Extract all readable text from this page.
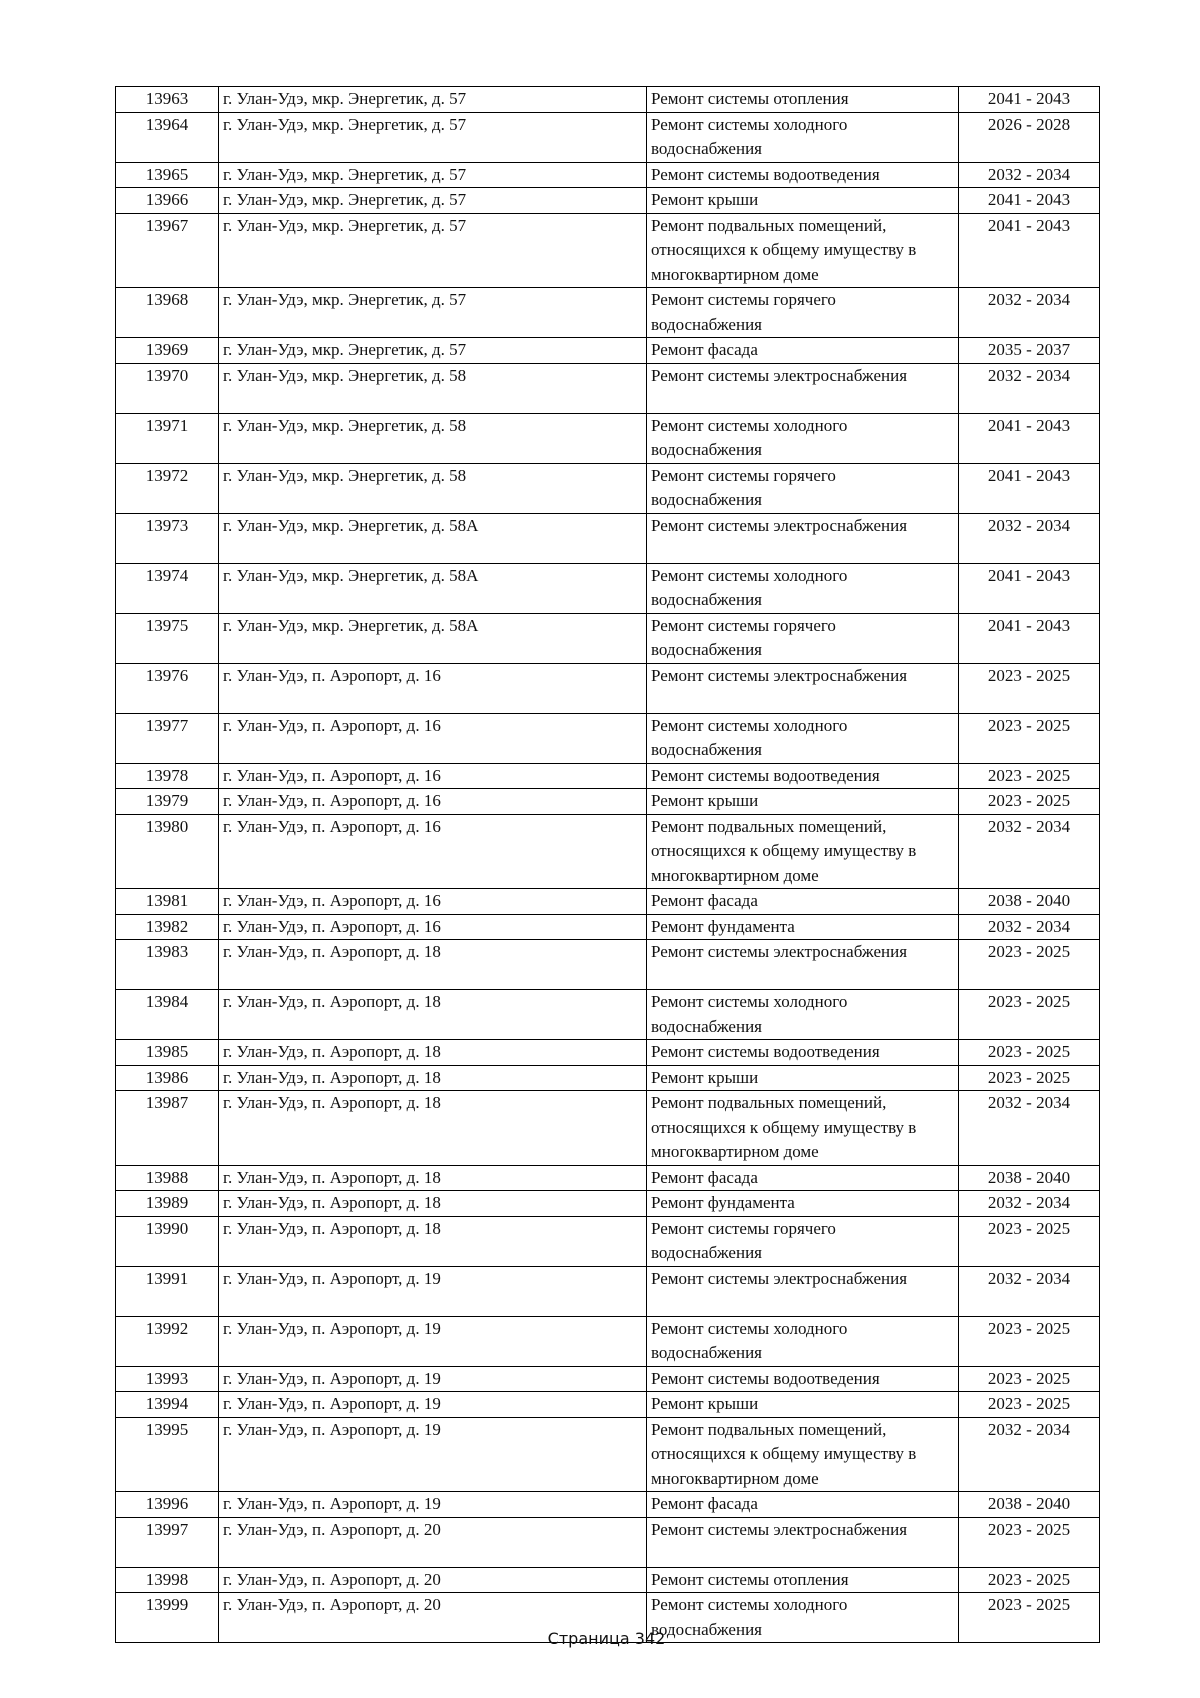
13963	г. Улан-Удэ, мкр. Энергетик, д. 57	Ремонт системы отопления	2041 - 2043
13964	г. Улан-Удэ, мкр. Энергетик, д. 57	Ремонт системы холодного
водоснабжения	2026 - 2028
13965	г. Улан-Удэ, мкр. Энергетик, д. 57	Ремонт системы водоотведения	2032 - 2034
13966	г. Улан-Удэ, мкр. Энергетик, д. 57	Ремонт крыши	2041 - 2043
13967	г. Улан-Удэ, мкр. Энергетик, д. 57	Ремонт подвальных помещений,
относящихся к общему имуществу в
многоквартирном доме	2041 - 2043
13968	г. Улан-Удэ, мкр. Энергетик, д. 57	Ремонт системы горячего
водоснабжения	2032 - 2034
13969	г. Улан-Удэ, мкр. Энергетик, д. 57	Ремонт фасада	2035 - 2037
13970	г. Улан-Удэ, мкр. Энергетик, д. 58	Ремонт системы электроснабжения	2032 - 2034
13971	г. Улан-Удэ, мкр. Энергетик, д. 58	Ремонт системы холодного
водоснабжения	2041 - 2043
13972	г. Улан-Удэ, мкр. Энергетик, д. 58	Ремонт системы горячего
водоснабжения	2041 - 2043
13973	г. Улан-Удэ, мкр. Энергетик, д. 58А	Ремонт системы электроснабжения	2032 - 2034
13974	г. Улан-Удэ, мкр. Энергетик, д. 58А	Ремонт системы холодного
водоснабжения	2041 - 2043
13975	г. Улан-Удэ, мкр. Энергетик, д. 58А	Ремонт системы горячего
водоснабжения	2041 - 2043
13976	г. Улан-Удэ, п. Аэропорт, д. 16	Ремонт системы электроснабжения	2023 - 2025
13977	г. Улан-Удэ, п. Аэропорт, д. 16	Ремонт системы холодного
водоснабжения	2023 - 2025
13978	г. Улан-Удэ, п. Аэропорт, д. 16	Ремонт системы водоотведения	2023 - 2025
13979	г. Улан-Удэ, п. Аэропорт, д. 16	Ремонт крыши	2023 - 2025
13980	г. Улан-Удэ, п. Аэропорт, д. 16	Ремонт подвальных помещений,
относящихся к общему имуществу в
многоквартирном доме	2032 - 2034
13981	г. Улан-Удэ, п. Аэропорт, д. 16	Ремонт фасада	2038 - 2040
13982	г. Улан-Удэ, п. Аэропорт, д. 16	Ремонт фундамента	2032 - 2034
13983	г. Улан-Удэ, п. Аэропорт, д. 18	Ремонт системы электроснабжения	2023 - 2025
13984	г. Улан-Удэ, п. Аэропорт, д. 18	Ремонт системы холодного
водоснабжения	2023 - 2025
13985	г. Улан-Удэ, п. Аэропорт, д. 18	Ремонт системы водоотведения	2023 - 2025
13986	г. Улан-Удэ, п. Аэропорт, д. 18	Ремонт крыши	2023 - 2025
13987	г. Улан-Удэ, п. Аэропорт, д. 18	Ремонт подвальных помещений,
относящихся к общему имуществу в
многоквартирном доме	2032 - 2034
13988	г. Улан-Удэ, п. Аэропорт, д. 18	Ремонт фасада	2038 - 2040
13989	г. Улан-Удэ, п. Аэропорт, д. 18	Ремонт фундамента	2032 - 2034
13990	г. Улан-Удэ, п. Аэропорт, д. 18	Ремонт системы горячего
водоснабжения	2023 - 2025
13991	г. Улан-Удэ, п. Аэропорт, д. 19	Ремонт системы электроснабжения	2032 - 2034
13992	г. Улан-Удэ, п. Аэропорт, д. 19	Ремонт системы холодного
водоснабжения	2023 - 2025
13993	г. Улан-Удэ, п. Аэропорт, д. 19	Ремонт системы водоотведения	2023 - 2025
13994	г. Улан-Удэ, п. Аэропорт, д. 19	Ремонт крыши	2023 - 2025
13995	г. Улан-Удэ, п. Аэропорт, д. 19	Ремонт подвальных помещений,
относящихся к общему имуществу в
многоквартирном доме	2032 - 2034
13996	г. Улан-Удэ, п. Аэропорт, д. 19	Ремонт фасада	2038 - 2040
13997	г. Улан-Удэ, п. Аэропорт, д. 20	Ремонт системы электроснабжения	2023 - 2025
13998	г. Улан-Удэ, п. Аэропорт, д. 20	Ремонт системы отопления	2023 - 2025
13999	г. Улан-Удэ, п. Аэропорт, д. 20	Ремонт системы холодного
водоснабжения	2023 - 2025
Страница 342
